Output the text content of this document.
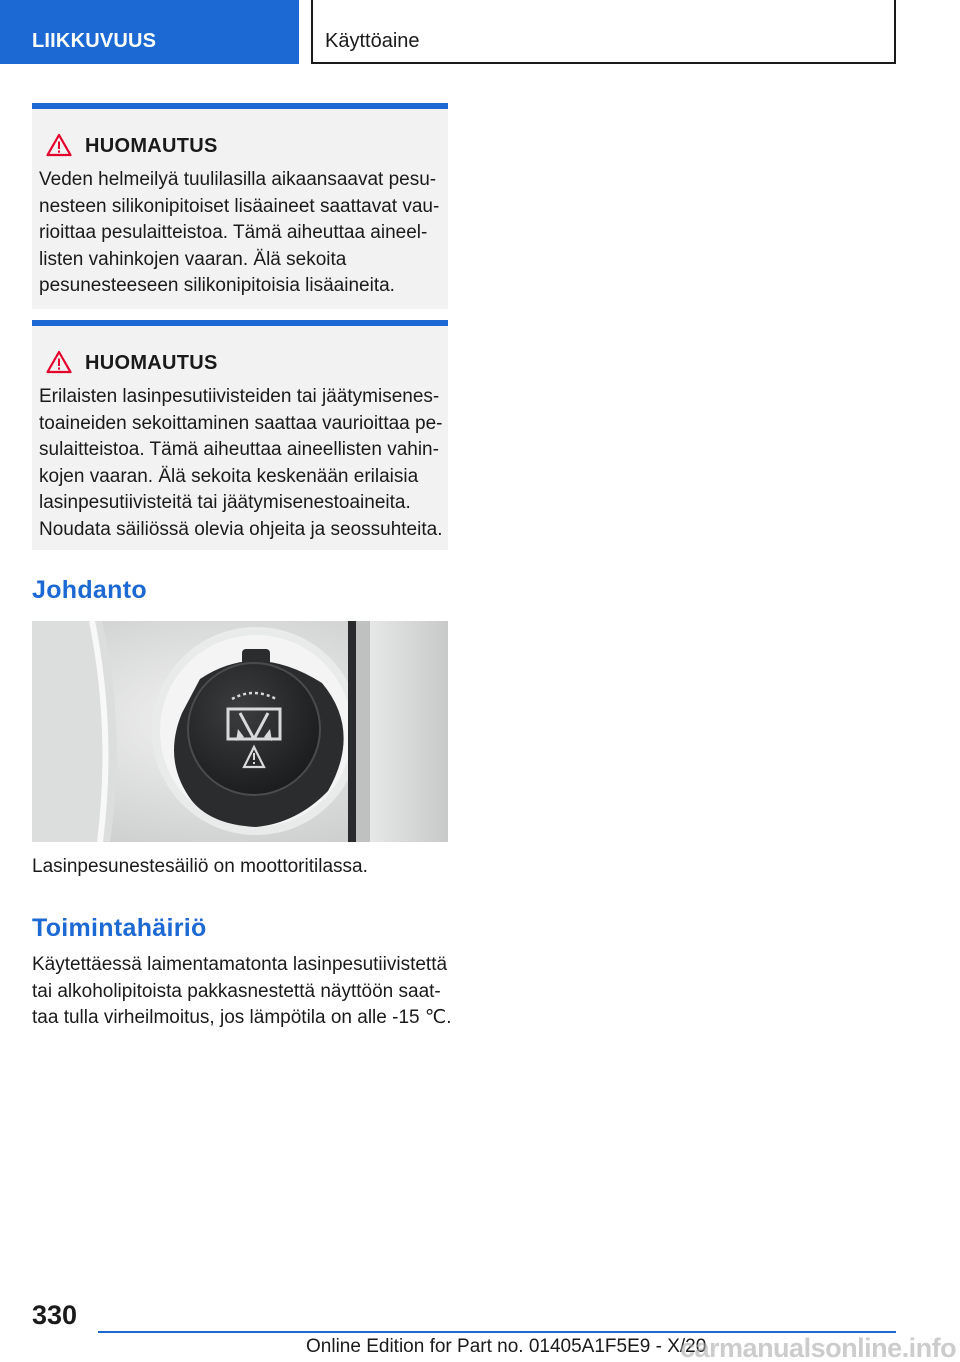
LIIKKUVUUS	Käyttöaine
HUOMAUTUS
Veden helmeilyä tuulilasilla aikaansaavat pesu-
nesteen silikonipitoiset lisäaineet saattavat vau-
rioittaa pesulaitteistoa. Tämä aiheuttaa aineel-
listen vahinkojen vaaran. Älä sekoita
pesunesteeseen silikonipitoisia lisäaineita.
HUOMAUTUS
Erilaisten lasinpesutiivisteiden tai jäätymisenes-
toaineiden sekoittaminen saattaa vaurioittaa pe-
sulaitteistoa. Tämä aiheuttaa aineellisten vahin-
kojen vaaran. Älä sekoita keskenään erilaisia
lasinpesutiivisteitä tai jäätymisenestoaineita.
Noudata säiliössä olevia ohjeita ja seossuhteita.
Johdanto
Lasinpesunestesäiliö on moottoritilassa.
Toimintahäiriö
Käytettäessä laimentamatonta lasinpesutiivistettä
tai alkoholipitoista pakkasnestettä näyttöön saat-
taa tulla virheilmoitus, jos lämpötila on alle -15 ℃.
330
Online Edition for Part no. 01405A1F5E9 - X/20
carmanualsonline.info
